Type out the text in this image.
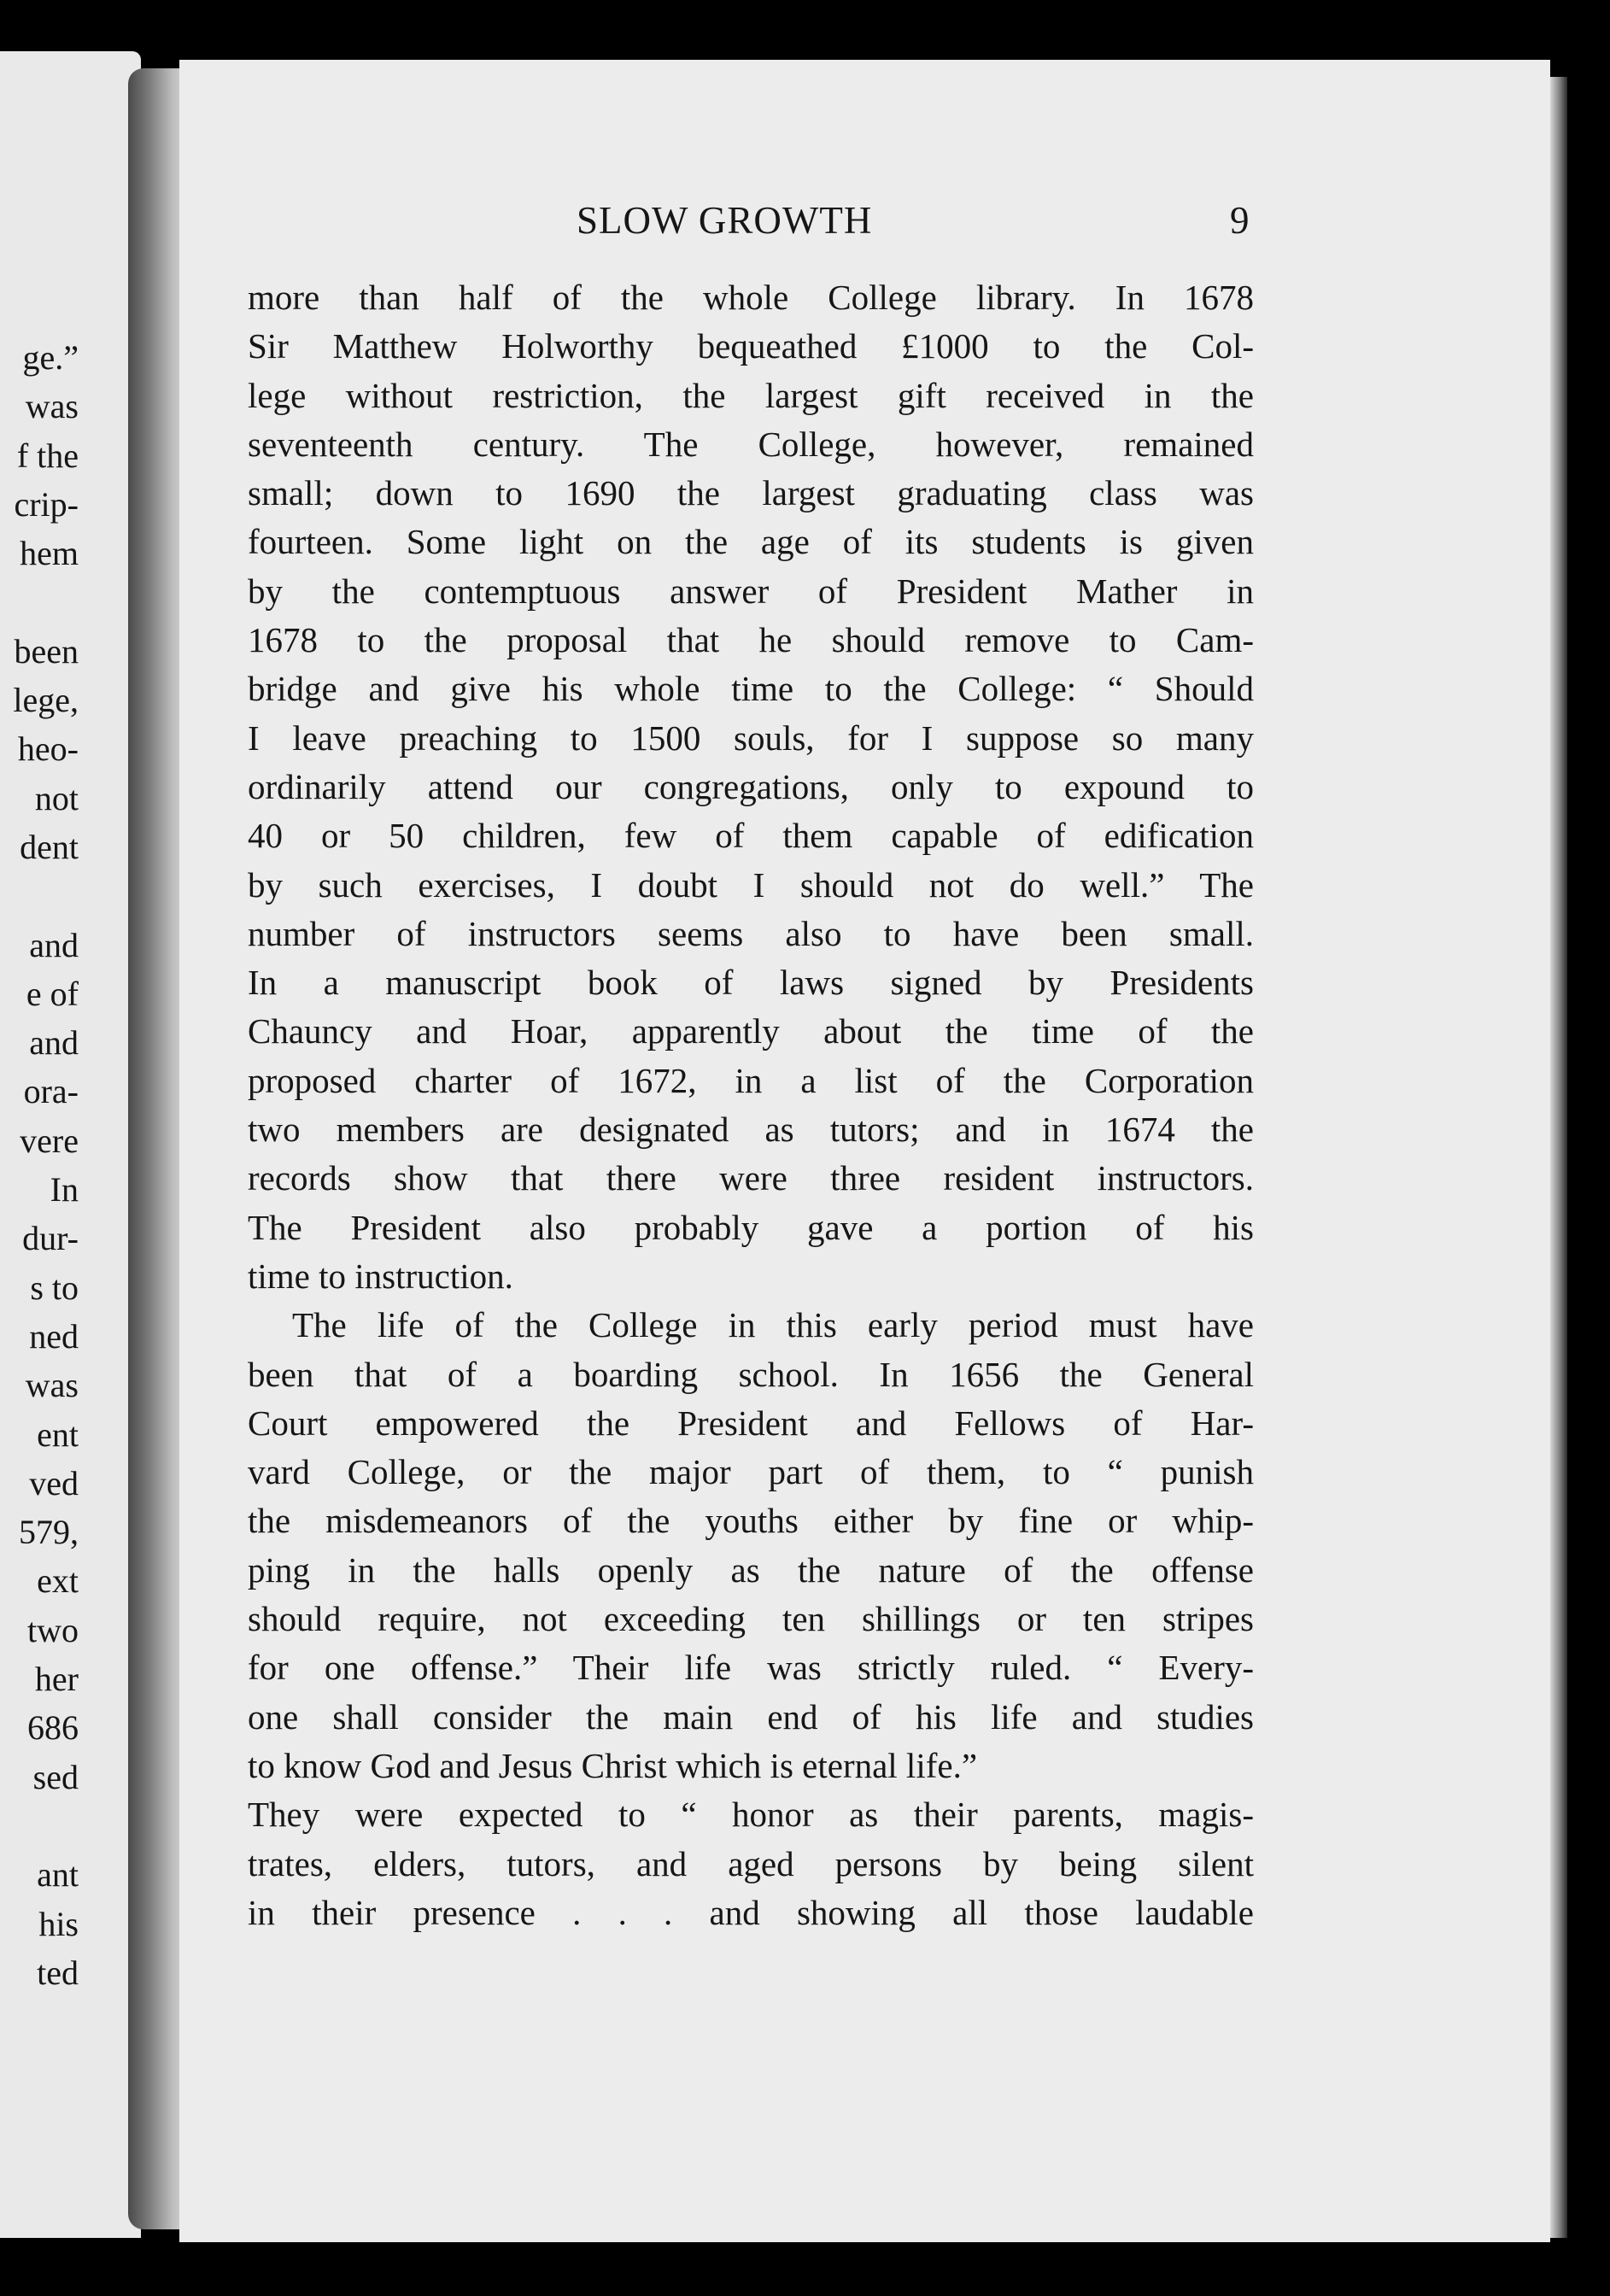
ge.”
was
f the
crip-
hem
been
lege,
heo-
not
dent
and
e of
and
ora-
vere
In
dur-
s to
ned
was
ent
ved
579,
ext
two
her
686
sed
ant
his
ted
SLOW GROWTH	9
more than half of the whole College library. In 1678
Sir Matthew Holworthy bequeathed £1000 to the Col-
lege without restriction, the largest gift received in the
seventeenth century. The College, however, remained
small; down to 1690 the largest graduating class was
fourteen. Some light on the age of its students is given
by the contemptuous answer of President Mather in
1678 to the proposal that he should remove to Cam-
bridge and give his whole time to the College: “ Should
I leave preaching to 1500 souls, for I suppose so many
ordinarily attend our congregations, only to expound to
40 or 50 children, few of them capable of edification
by such exercises, I doubt I should not do well.” The
number of instructors seems also to have been small.
In a manuscript book of laws signed by Presidents
Chauncy and Hoar, apparently about the time of the
proposed charter of 1672, in a list of the Corporation
two members are designated as tutors; and in 1674 the
records show that there were three resident instructors.
The President also probably gave a portion of his
time to instruction.
The life of the College in this early period must have
been that of a boarding school. In 1656 the General
Court empowered the President and Fellows of Har-
vard College, or the major part of them, to “ punish
the misdemeanors of the youths either by fine or whip-
ping in the halls openly as the nature of the offense
should require, not exceeding ten shillings or ten stripes
for one offense.” Their life was strictly ruled. “ Every-
one shall consider the main end of his life and studies
to know God and Jesus Christ which is eternal life.”
They were expected to “ honor as their parents, magis-
trates, elders, tutors, and aged persons by being silent
in their presence . . . and showing all those laudable
